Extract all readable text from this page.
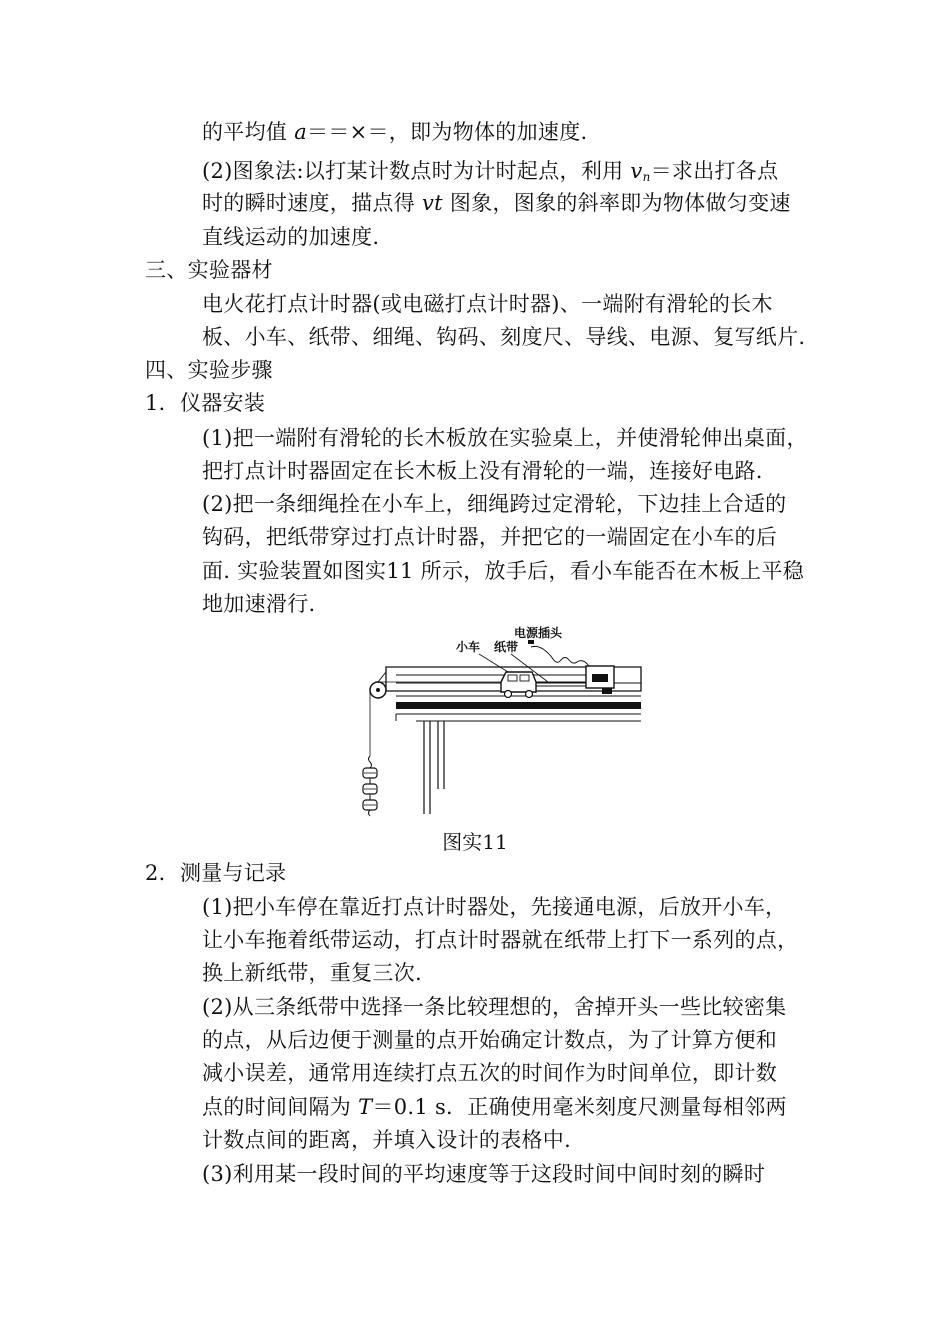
的平均值 a＝＝×＝，即为物体的加速度.
(2)图象法:以打某计数点时为计时起点，利用 $v_n=$求出打各点
时的瞬时速度，描点得 vt 图象，图象的斜率即为物体做匀变速
直线运动的加速度.
三、实验器材
电火花打点计时器(或电磁打点计时器)、一端附有滑轮的长木
板、小车、纸带、细绳、钩码、刻度尺、导线、电源、复写纸片.
四、实验步骤
1．仪器安装
(1)把一端附有滑轮的长木板放在实验桌上，并使滑轮伸出桌面，
把打点计时器固定在长木板上没有滑轮的一端，连接好电路.
(2)把一条细绳拴在小车上，细绳跨过定滑轮，下边挂上合适的
钩码，把纸带穿过打点计时器，并把它的一端固定在小车的后
面. 实验装置如图实11 所示，放手后，看小车能否在木板上平稳
地加速滑行.
小车 纸带
电源插头
图实11
2．测量与记录
(1)把小车停在靠近打点计时器处，先接通电源，后放开小车，
让小车拖着纸带运动，打点计时器就在纸带上打下一系列的点，
换上新纸带，重复三次.
(2)从三条纸带中选择一条比较理想的，舍掉开头一些比较密集
的点，从后边便于测量的点开始确定计数点，为了计算方便和
减小误差，通常用连续打点五次的时间作为时间单位，即计数
点的时间间隔为 T＝0.1 s．正确使用毫米刻度尺测量每相邻两
计数点间的距离，并填入设计的表格中.
(3)利用某一段时间的平均速度等于这段时间中间时刻的瞬时
